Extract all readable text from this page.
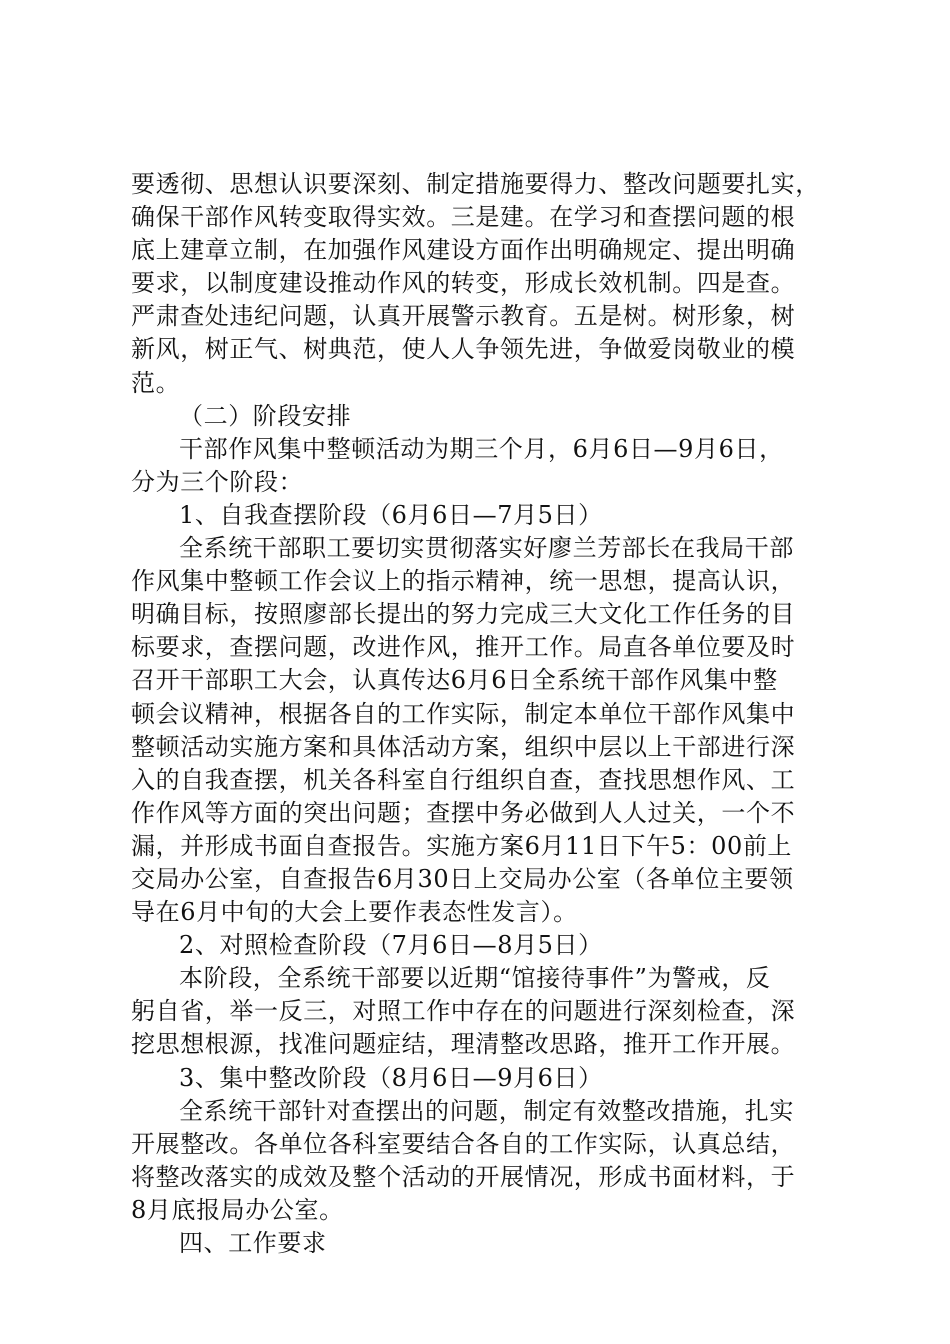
要透彻、思想认识要深刻、制定措施要得力、整改问题要扎实，
确保干部作风转变取得实效。三是建。在学习和查摆问题的根
底上建章立制，在加强作风建设方面作出明确规定、提出明确
要求，以制度建设推动作风的转变，形成长效机制。四是查。
严肃查处违纪问题，认真开展警示教育。五是树。树形象，树
新风，树正气、树典范，使人人争领先进，争做爱岗敬业的模
范。
（二）阶段安排
干部作风集中整顿活动为期三个月，6月6日—9月6日，
分为三个阶段：
1、自我查摆阶段（6月6日—7月5日）
全系统干部职工要切实贯彻落实好廖兰芳部长在我局干部
作风集中整顿工作会议上的指示精神，统一思想，提高认识，
明确目标，按照廖部长提出的努力完成三大文化工作任务的目
标要求，查摆问题，改进作风，推开工作。局直各单位要及时
召开干部职工大会，认真传达6月6日全系统干部作风集中整
顿会议精神，根据各自的工作实际，制定本单位干部作风集中
整顿活动实施方案和具体活动方案，组织中层以上干部进行深
入的自我查摆，机关各科室自行组织自查，查找思想作风、工
作作风等方面的突出问题；查摆中务必做到人人过关，一个不
漏，并形成书面自查报告。实施方案6月11日下午5：00前上
交局办公室，自查报告6月30日上交局办公室（各单位主要领
导在6月中旬的大会上要作表态性发言）。
2、对照检查阶段（7月6日—8月5日）
本阶段，全系统干部要以近期“馆接待事件”为警戒，反
躬自省，举一反三，对照工作中存在的问题进行深刻检查，深
挖思想根源，找准问题症结，理清整改思路，推开工作开展。
3、集中整改阶段（8月6日—9月6日）
全系统干部针对查摆出的问题，制定有效整改措施，扎实
开展整改。各单位各科室要结合各自的工作实际，认真总结，
将整改落实的成效及整个活动的开展情况，形成书面材料，于
8月底报局办公室。
四、工作要求
